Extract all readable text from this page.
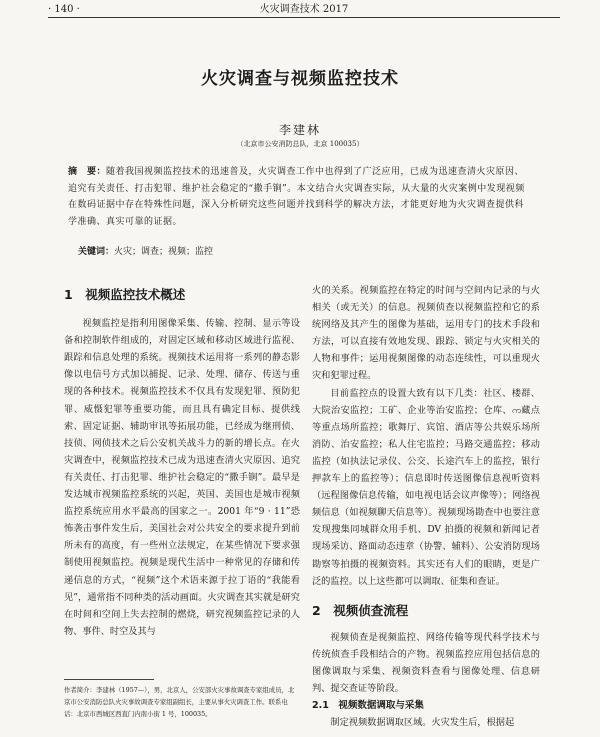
· 140 ·	火灾调查技术 2017
火灾调查与视频监控技术
李建林
（北京市公安消防总队，北京 100035）
摘　要：随着我国视频监控技术的迅速普及，火灾调查工作中也得到了广泛应用，已成为迅速查清火灾原因、追究有关责任、打击犯罪、维护社会稳定的“撒手锏”。本文结合火灾调查实际，从大量的火灾案例中发现视频在数码证据中存在特殊性问题，深入分析研究这些问题并找到科学的解决方法，才能更好地为火灾调查提供科学准确、真实可靠的证据。
关键词：火灾；调查；视频；监控
1　视频监控技术概述

视频监控是指利用图像采集、传输、控制、显示等设备和控制软件组成的，对固定区域和移动区域进行监视、跟踪和信息处理的系统。视频技术运用将一系列的静态影像以电信号方式加以捕捉、记录、处理、储存、传送与重现的各种技术。视频监控技术不仅具有发现犯罪、预防犯罪、威慑犯罪等重要功能，而且具有确定目标、提供线索、固定证据、辅助审讯等拓展功能，已经成为继刑侦、技侦、网侦技术之后公安机关战斗力的新的增长点。在火灾调查中，视频监控技术已成为迅速查清火灾原因、追究有关责任、打击犯罪、维护社会稳定的“撒手锏”。最早是发达城市视频监控系统的兴起，英国、美国也是城市视频监控系统应用水平最高的国家之一。2001 年“9 · 11”恐怖袭击事件发生后，美国社会对公共安全的要求提升到前所未有的高度，有一些州立法规定，在某些情况下要求强制使用视频监控。视频是现代生活中一种常见的存储和传递信息的方式，“视频”这个术语来源于拉丁语的“我能看见”，通常指不同种类的活动画面。火灾调查其实就是研究在时间和空间上失去控制的燃烧，研究视频监控记录的人物、事件、时空及其与

作者简介：李建林（1957—），男，北京人，公安部火灾事故调查专家组成员，北京市公安消防总队火灾事故调查专家组副组长，主要从事火灾调查工作。联系电话：北京市西城区西直门内南小街 1 号，100035。

火的关系。视频监控在特定的时间与空间内记录的与火相关（或无关）的信息。视频侦查以视频监控和它的系统网络及其产生的图像为基础，运用专门的技术手段和方法，可以直接有效地发现、跟踪、锁定与火灾相关的人物和事件；运用视频图像的动态连续性，可以重现火灾和犯罪过程。

目前监控点的设置大致有以下几类：社区、楼群、大院治安监控；工矿、企业等治安监控；仓库、က藏点等重点场所监控；歌舞厅、宾馆、酒店等公共娱乐场所消防、治安监控；私人住宅监控；马路交通监控；移动监控（如执法记录仪、公交、长途汽车上的监控，银行押款车上的监控等）；信息即时传送图像信息视听资料（远程图像信息传输，如电视电话会议声像等）；网络视频信息（如视频聊天信息等）。视频现场勘查中也要注意发现搜集同城群众用手机、DV 拍摄的视频和新闻记者现场采访、路面动态违章（协警、辅料）、公安消防现场勘察等拍摄的视频资料。其实还有人们的眼睛，更是广泛的监控。以上这些都可以调取、征集和查证。

2　视频侦查流程

视频侦查是视频监控、网络传输等现代科学技术与传统侦查手段相结合的产物。视频监控应用包括信息的图像调取与采集、视频资料查看与图像处理、信息研判、提交查证等阶段。

2.1　视频数据调取与采集

制定视频数据调取区域。火灾发生后，根据起
